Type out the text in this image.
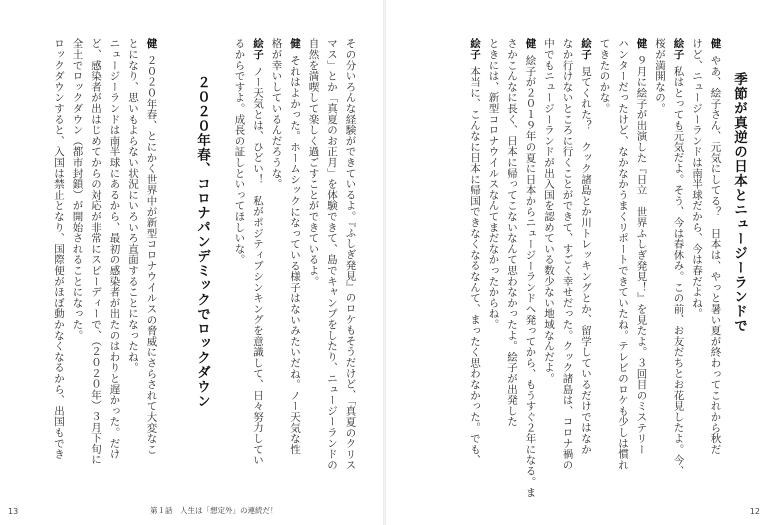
その分いろんな経験ができているよ。『ふしぎ発見』のロケもそうだけど、「真夏のクリス
マス」とか「真夏のお正月」を体験できて、島でキャンプをしたり、ニュージーランドの
自然を満喫して楽しく過ごすことができているよ。
健それはよかった。ホームシックになっている様子はないみたいだね。ノー天気な性
格が幸いしているんだろうな。
絵子ノー天気とは、ひどい！　私がポジティブシンキングを意識して、日々努力してい
るからですよ。成長の証しといってほしいな。
２０２０年春、コロナパンデミックでロックダウン
健２０２０年春、とにかく世界中が新型コロナウイルスの脅威にさらされて大変なこ
とになり、思いもよらない状況にいろいろ直面することになったね。
ニュージーランドは南半球にあるから、最初の感染者が出たのはわりと遅かった。だけ
ど、感染者が出はじめてからの対応が非常にスピーディーで、（２０２０年）３月下旬に
全土でロックダウン（都市封鎖）が開始されることになった。
ロックダウンすると、入国は禁止となり、国際便がほぼ動かなくなるから、出国もでき
13	第１話　人生は「想定外」の連続だ！
季節が真逆の日本とニュージーランドで
健やあ、絵子さん、元気にしてる？　日本は、やっと暑い夏が終わってこれから秋だ
けど、ニュージーランドは南半球だから、今は春だよね。
絵子私はとっても元気だよ。そう、今は春休み。この前、お友だちとお花見したよ。今、
桜が満開なの。
健９月に絵子が出演した『日立　世界ふしぎ発見！』を見たよ。３回目のミステリー
ハンターだったけど、なかなかうまくリポートできていたね。テレビのロケも少しは慣れ
てきたのかな。
絵子見てくれた？　クック諸島とか川トレッキングとか、留学しているだけではなか
なか行けないところに行くことができて、すごく幸せだった。クック諸島は、コロナ禍の
中でもニュージーランドが出入国を認めている数少ない地域なんだよ。
健絵子が２０１９年の夏に日本からニュージーランドへ発ってから、もうすぐ２年になる。ま
さかこんなに長く、日本に帰ってこないなんて思わなかったよ。絵子が出発した
ときには、新型コロナウイルスなんてまだなかったからね。
絵子本当に、こんなに日本に帰国できなくなるなんて、まったく思わなかった。でも、
12
